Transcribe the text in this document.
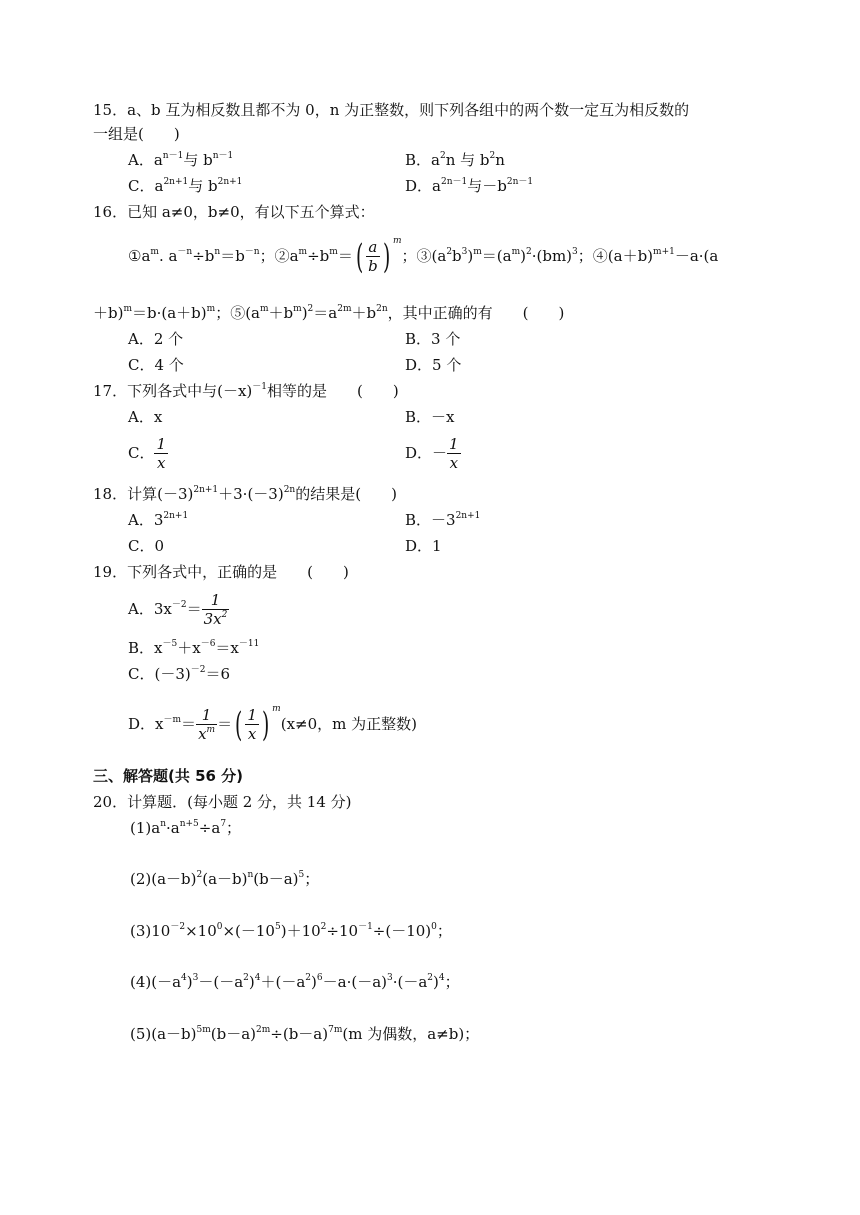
15．a、b 互为相反数且都不为 0，n 为正整数，则下列各组中的两个数一定互为相反数的
一组是(　　)
A．$a^{n-1}$与 $b^{n-1}$	B．$a^2n$ 与 $b^2n$
C．$a^{2n+1}$与 $b^{2n+1}$	D．$a^{2n-1}$与$-b^{2n-1}$
16．已知 a≠0，b≠0，有以下五个算式：
$①a^m$. $a^{-n}\div b^n=b^{-n}$；$②a^m\div b^m=( \frac{a}{b}$ ) $^m$；$③(a^2b^3)^m=(a^m)^2\cdot(bm)^3$；$④(a+b)^{m+1}-a\cdot(a$
$+b)^m=b\cdot(a+b)^m$；$⑤(a^m+b^m)^2=a^{2m}+b^{2n}$，其中正确的有　　(　　)
A．2 个	B．3 个
C．4 个	D．5 个
17．下列各式中与$(-x)^{-1}$相等的是　　(　　)
A．x	B．－x
C． $\frac{1}{x}$	D．－ $\frac{1}{x}$
18．计算$(-3)^{2n+1}+3\cdot(-3)^{2n}$的结果是(　　)
A．$3^{2n+1}$	B．$-3^{2n+1}$
C．0	D．1
19．下列各式中，正确的是　　(　　)
A．$3x^{-2}= \frac{1}{3x^2}$
B．$x^{-5}+x^{-6}=x^{-11}$
C．$(-3)^{-2}=6$
D．$x^{-m}= \frac{1}{x^m}$ ＝( $\frac{1}{x}$ ) $^m$(x≠0，m 为正整数)
三、解答题(共 56 分)
20．计算题．(每小题 2 分，共 14 分)
$(1)a^n\cdot a^{n+5}\div a^7$；
$(2)(a-b)^2(a-b)^n(b-a)^5$；
$(3)10^{-2}\times 10^0\times(-10^5)+10^2\div 10^{-1}\div(-10)^0$；
$(4)(-a^4)^3-(-a^2)^4+(-a^2)^6-a\cdot(-a)^3\cdot(-a^2)^4$；
$(5)(a-b)^{5m}(b-a)^{2m}\div(b-a)^{7m}(m$ 为偶数，a≠b)；
